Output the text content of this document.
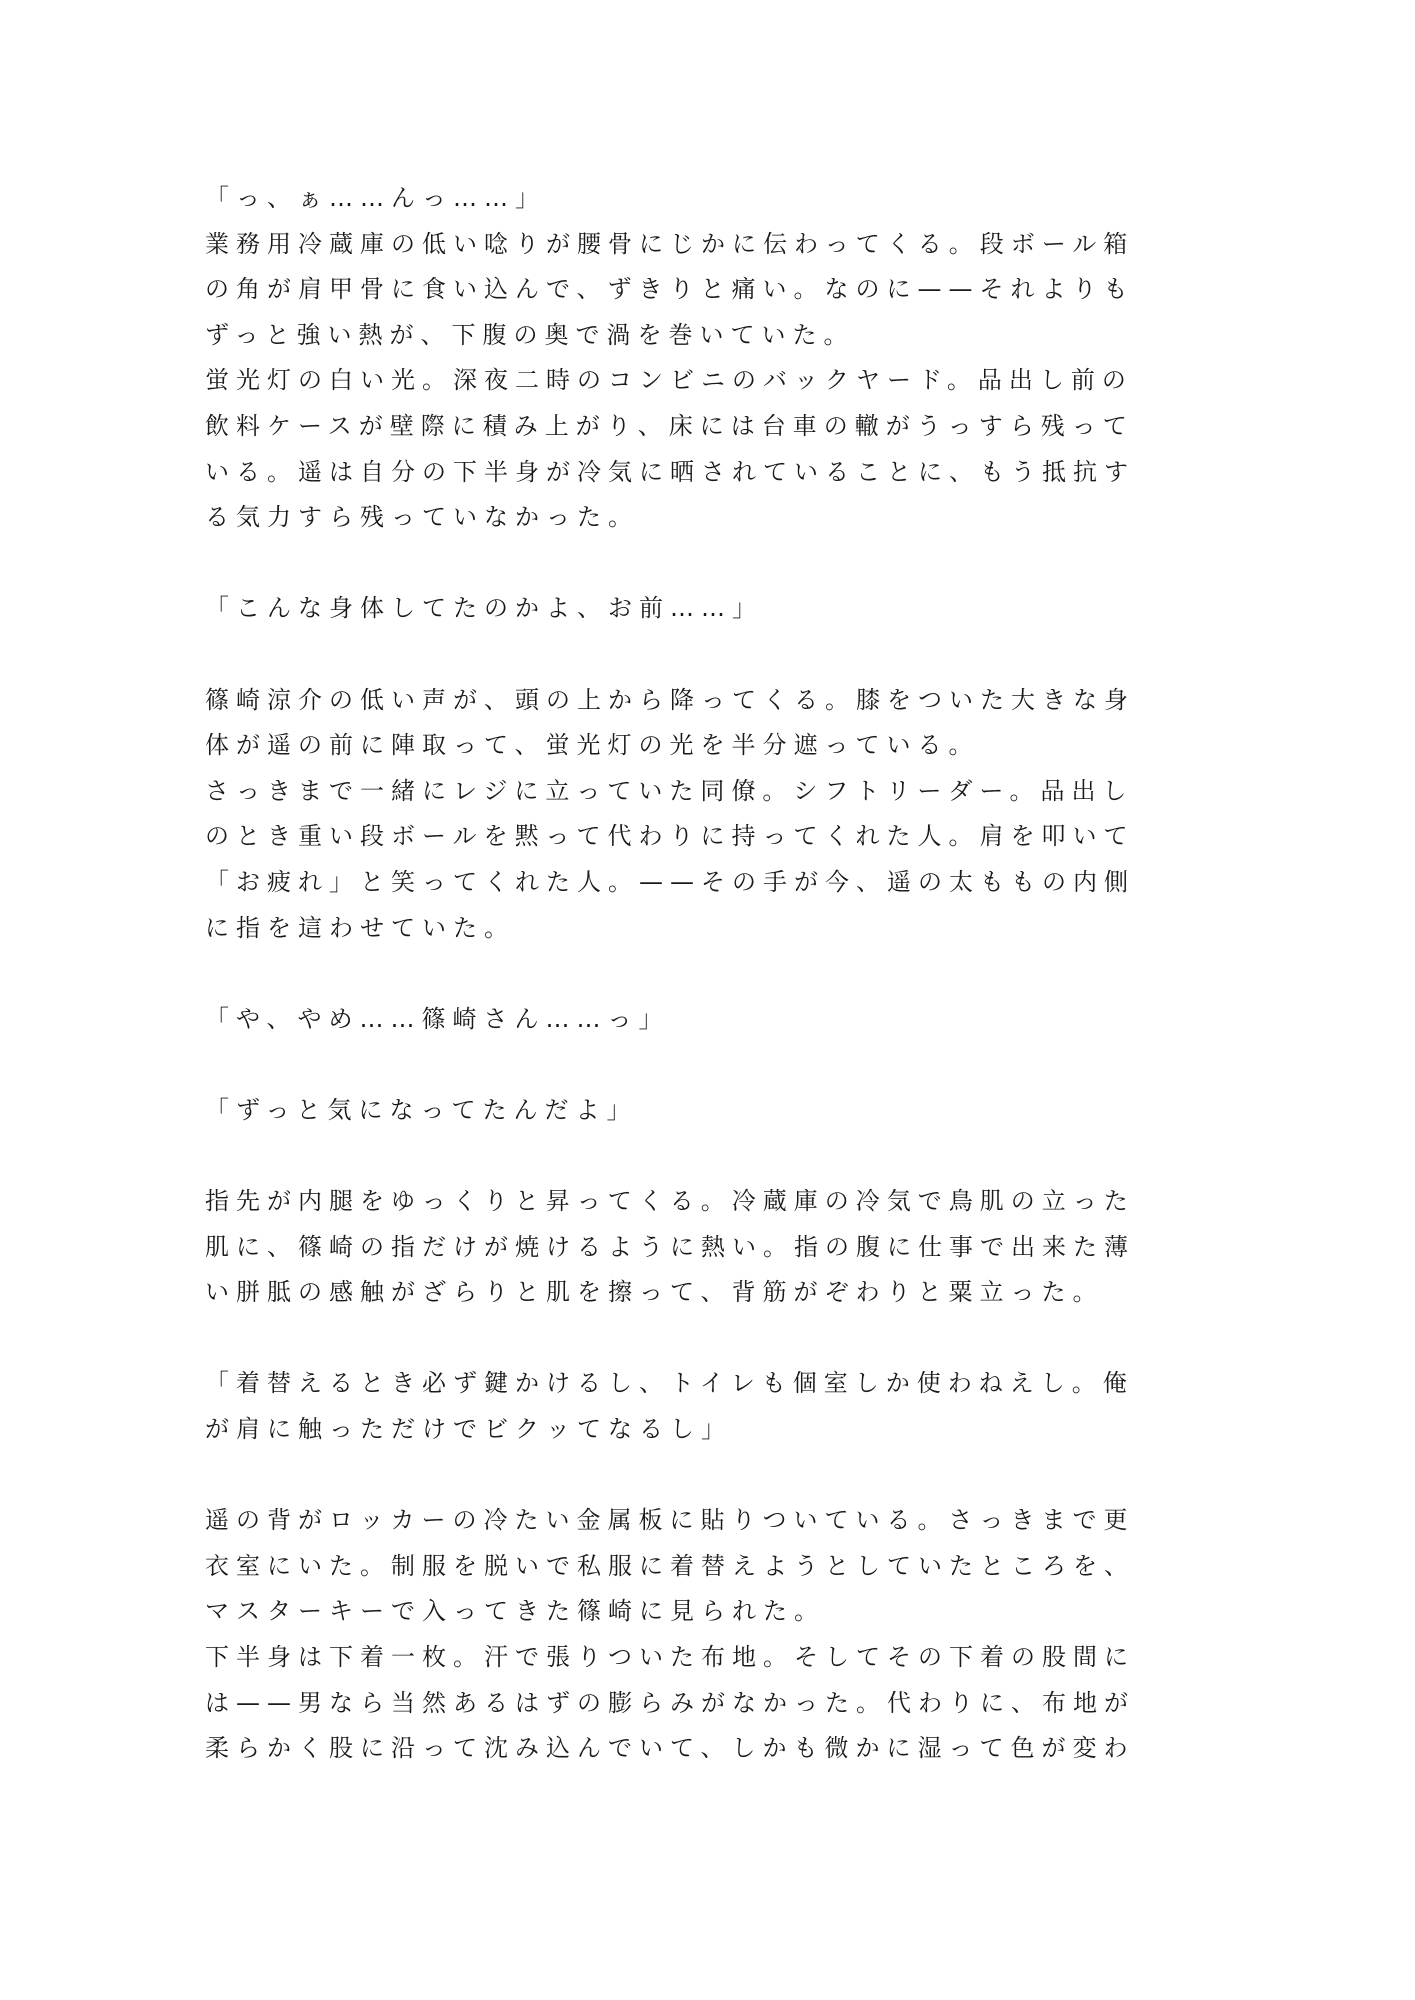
「っ、ぁ……んっ……」
業務用冷蔵庫の低い唸りが腰骨にじかに伝わってくる。段ボール箱
の角が肩甲骨に食い込んで、ずきりと痛い。なのに——それよりも
ずっと強い熱が、下腹の奥で渦を巻いていた。
蛍光灯の白い光。深夜二時のコンビニのバックヤード。品出し前の
飲料ケースが壁際に積み上がり、床には台車の轍がうっすら残って
いる。遥は自分の下半身が冷気に晒されていることに、もう抵抗す
る気力すら残っていなかった。
「こんな身体してたのかよ、お前……」
篠崎涼介の低い声が、頭の上から降ってくる。膝をついた大きな身
体が遥の前に陣取って、蛍光灯の光を半分遮っている。
さっきまで一緒にレジに立っていた同僚。シフトリーダー。品出し
のとき重い段ボールを黙って代わりに持ってくれた人。肩を叩いて
「お疲れ」と笑ってくれた人。——その手が今、遥の太ももの内側
に指を這わせていた。
「や、やめ……篠崎さん……っ」
「ずっと気になってたんだよ」
指先が内腿をゆっくりと昇ってくる。冷蔵庫の冷気で鳥肌の立った
肌に、篠崎の指だけが焼けるように熱い。指の腹に仕事で出来た薄
い胼胝の感触がざらりと肌を擦って、背筋がぞわりと粟立った。
「着替えるとき必ず鍵かけるし、トイレも個室しか使わねえし。俺
が肩に触っただけでビクッてなるし」
遥の背がロッカーの冷たい金属板に貼りついている。さっきまで更
衣室にいた。制服を脱いで私服に着替えようとしていたところを、
マスターキーで入ってきた篠崎に見られた。
下半身は下着一枚。汗で張りついた布地。そしてその下着の股間に
は——男なら当然あるはずの膨らみがなかった。代わりに、布地が
柔らかく股に沿って沈み込んでいて、しかも微かに湿って色が変わ
